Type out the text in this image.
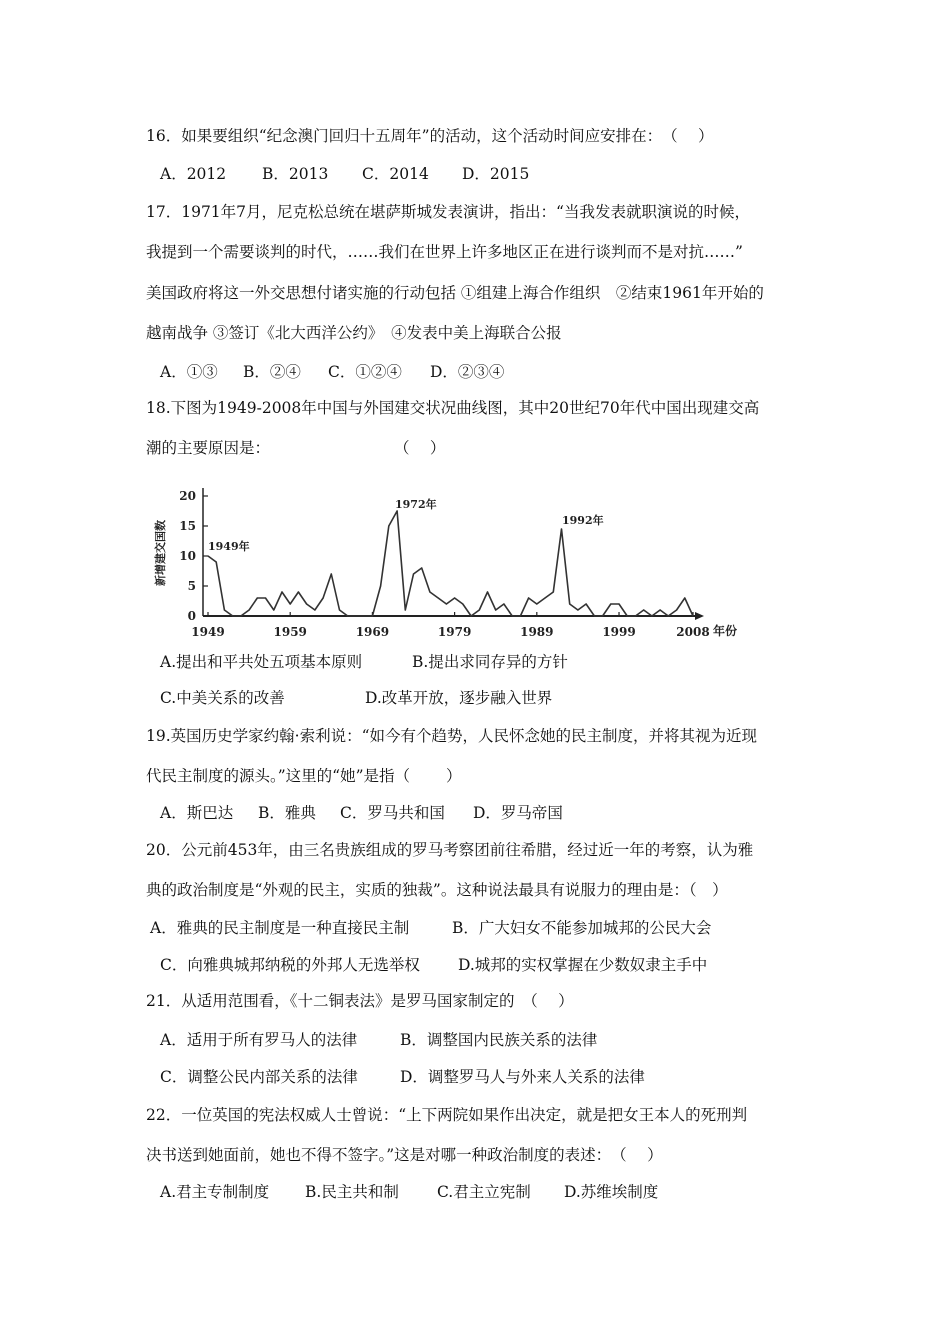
16．如果要组织“纪念澳门回归十五周年”的活动，这个活动时间应安排在：　（　 ）
A．2012 B．2013 C．2014 D．2015
17．1971年7月，尼克松总统在堪萨斯城发表演讲，指出：“当我发表就职演说的时候，
我提到一个需要谈判的时代，……我们在世界上许多地区正在进行谈判而不是对抗……”
美国政府将这一外交思想付诸实施的行动包括 ①组建上海合作组织　②结束1961年开始的
越南战争 ③签订《北大西洋公约》　④发表中美上海联合公报
A．①③ B．②④ C．①②④ D．②③④
18.下图为1949-2008年中国与外国建交状况曲线图，其中20世纪70年代中国出现建交高
潮的主要原因是：　　　　　　　　　（　 ）
0
5
10
15
20
1949	1959	1969	1979	1989	1999	2008
新增建交国数
年份
1949年
1972年
1992年
A.提出和平共处五项基本原则	B.提出求同存异的方针
C.中美关系的改善	D.改革开放，逐步融入世界
19.英国历史学家约翰·索利说：“如今有个趋势，人民怀念她的民主制度，并将其视为近现
代民主制度的源头。”这里的“她”是指（　　 ）
A．斯巴达 B．雅典 C．罗马共和国 D．罗马帝国
20．公元前453年，由三名贵族组成的罗马考察团前往希腊，经过近一年的考察，认为雅
典的政治制度是“外观的民主，实质的独裁”。这种说法最具有说服力的理由是：（　）
A．雅典的民主制度是一种直接民主制	B．广大妇女不能参加城邦的公民大会
C．向雅典城邦纳税的外邦人无选举权 D.城邦的实权掌握在少数奴隶主手中
21．从适用范围看，《十二铜表法》是罗马国家制定的　（　 ）
A．适用于所有罗马人的法律	B．调整国内民族关系的法律
C．调整公民内部关系的法律	D．调整罗马人与外来人关系的法律
22．一位英国的宪法权威人士曾说：“上下两院如果作出决定，就是把女王本人的死刑判
决书送到她面前，她也不得不签字。”这是对哪一种政治制度的表述：　（　 ）
A.君主专制制度 B.民主共和制 C.君主立宪制 D.苏维埃制度
